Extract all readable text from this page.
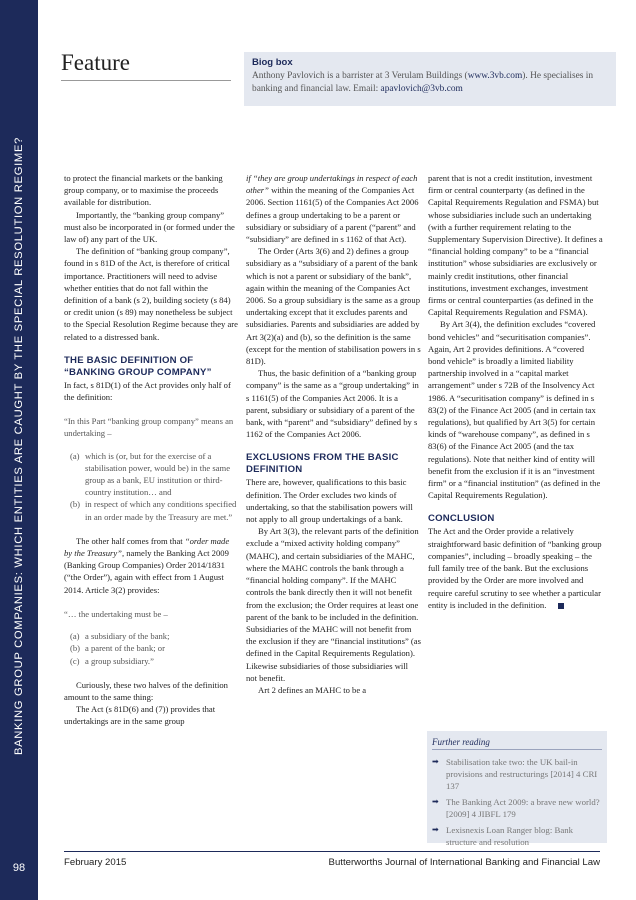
BANKING GROUP COMPANIES: WHICH ENTITIES ARE CAUGHT BY THE SPECIAL RESOLUTION REGIME?
98
Feature	Biog box
Anthony Pavlovich is a barrister at 3 Verulam Buildings (www.3vb.com). He specialises in banking and financial law. Email: apavlovich@3vb.com

to protect the financial markets or the banking group company, or to maximise the proceeds available for distribution.

Importantly, the “banking group company” must also be incorporated in (or formed under the law of) any part of the UK.

The definition of “banking group company”, found in s 81D of the Act, is therefore of critical importance. Practitioners will need to advise whether entities that do not fall within the definition of a bank (s 2), building society (s 84) or credit union (s 89) may nonetheless be subject to the Special Resolution Regime because they are related to a distressed bank.

THE BASIC DEFINITION OF “BANKING GROUP COMPANY”

In fact, s 81D(1) of the Act provides only half of the definition:

“In this Part “banking group company” means an undertaking –

(a) which is (or, but for the exercise of a stabilisation power, would be) in the same group as a bank, EU institution or third-country institution… and
(b) in respect of which any conditions specified in an order made by the Treasury are met.”

The other half comes from that “order made by the Treasury”, namely the Banking Act 2009 (Banking Group Companies) Order 2014/1831 (“the Order”), again with effect from 1 August 2014. Article 3(2) provides:

“… the undertaking must be –

(a) a subsidiary of the bank;
(b) a parent of the bank; or
(c) a group subsidiary.”

Curiously, these two halves of the definition amount to the same thing:

The Act (s 81D(6) and (7)) provides that undertakings are in the same group

if “they are group undertakings in respect of each other” within the meaning of the Companies Act 2006. Section 1161(5) of the Companies Act 2006 defines a group undertaking to be a parent or subsidiary or subsidiary of a parent (“parent” and “subsidiary” are defined in s 1162 of that Act).

The Order (Arts 3(6) and 2) defines a group subsidiary as a “subsidiary of a parent of the bank which is not a parent or subsidiary of the bank”, again within the meaning of the Companies Act 2006. So a group subsidiary is the same as a group undertaking except that it excludes parents and subsidiaries. Parents and subsidiaries are added by Art 3(2)(a) and (b), so the definition is the same (except for the mention of stabilisation powers in s 81D).

Thus, the basic definition of a “banking group company” is the same as a “group undertaking” in s 1161(5) of the Companies Act 2006. It is a parent, subsidiary or subsidiary of a parent of the bank, with “parent” and “subsidiary” defined by s 1162 of the Companies Act 2006.

EXCLUSIONS FROM THE BASIC DEFINITION

There are, however, qualifications to this basic definition. The Order excludes two kinds of undertaking, so that the stabilisation powers will not apply to all group undertakings of a bank.

By Art 3(3), the relevant parts of the definition exclude a “mixed activity holding company” (MAHC), and certain subsidiaries of the MAHC, where the MAHC controls the bank through a “financial holding company”. If the MAHC controls the bank directly then it will not benefit from the exclusion; the Order requires at least one parent of the bank to be included in the definition. Subsidiaries of the MAHC will not benefit from the exclusion if they are “financial institutions” (as defined in the Capital Requirements Regulation). Likewise subsidiaries of those subsidiaries will not benefit.

Art 2 defines an MAHC to be a

parent that is not a credit institution, investment firm or central counterparty (as defined in the Capital Requirements Regulation and FSMA) but whose subsidiaries include such an undertaking (with a further requirement relating to the Supplementary Supervision Directive). It defines a “financial holding company” to be a “financial institution” whose subsidiaries are exclusively or mainly credit institutions, other financial institutions, investment exchanges, investment firms or central counterparties (as defined in the Capital Requirements Regulation and FSMA).

By Art 3(4), the definition excludes “covered bond vehicles” and “securitisation companies”. Again, Art 2 provides definitions. A “covered bond vehicle” is broadly a limited liability partnership involved in a “capital market arrangement” under s 72B of the Insolvency Act 1986. A “securitisation company” is defined in s 83(2) of the Finance Act 2005 (and in certain tax regulations), but qualified by Art 3(5) for certain kinds of “warehouse company”, as defined in s 83(6) of the Finance Act 2005 (and the tax regulations). Note that neither kind of entity will benefit from the exclusion if it is an “investment firm” or a “financial institution” (as defined in the Capital Requirements Regulation).

CONCLUSION

The Act and the Order provide a relatively straightforward basic definition of “banking group companies”, including – broadly speaking – the full family tree of the bank. But the exclusions provided by the Order are more involved and require careful scrutiny to see whether a particular entity is included in the definition.

Further reading
➡ Stabilisation take two: the UK bail-in provisions and restructurings [2014] 4 CRI 137
➡ The Banking Act 2009: a brave new world? [2009] 4 JIBFL 179
➡ Lexisnexis Loan Ranger blog: Bank structure and resolution
February 2015	Butterworths Journal of International Banking and Financial Law
